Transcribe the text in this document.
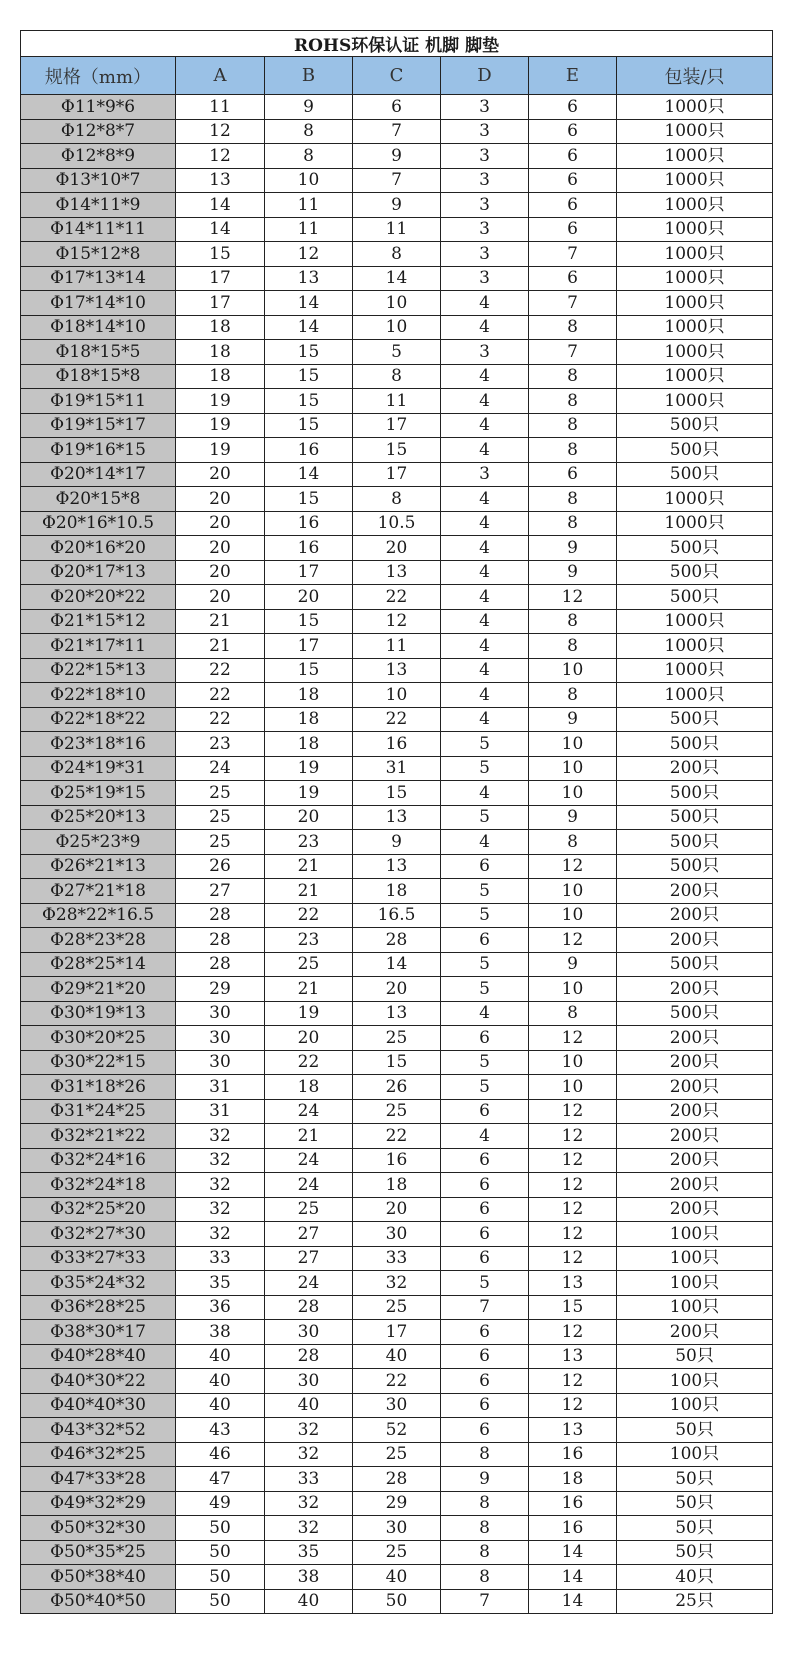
ROHS环保认证 机脚 脚垫						
规格（mm）	A	B	C	D	E	包装/只
Φ11*9*6	11	9	6	3	6	1000只
Φ12*8*7	12	8	7	3	6	1000只
Φ12*8*9	12	8	9	3	6	1000只
Φ13*10*7	13	10	7	3	6	1000只
Φ14*11*9	14	11	9	3	6	1000只
Φ14*11*11	14	11	11	3	6	1000只
Φ15*12*8	15	12	8	3	7	1000只
Φ17*13*14	17	13	14	3	6	1000只
Φ17*14*10	17	14	10	4	7	1000只
Φ18*14*10	18	14	10	4	8	1000只
Φ18*15*5	18	15	5	3	7	1000只
Φ18*15*8	18	15	8	4	8	1000只
Φ19*15*11	19	15	11	4	8	1000只
Φ19*15*17	19	15	17	4	8	500只
Φ19*16*15	19	16	15	4	8	500只
Φ20*14*17	20	14	17	3	6	500只
Φ20*15*8	20	15	8	4	8	1000只
Φ20*16*10.5	20	16	10.5	4	8	1000只
Φ20*16*20	20	16	20	4	9	500只
Φ20*17*13	20	17	13	4	9	500只
Φ20*20*22	20	20	22	4	12	500只
Φ21*15*12	21	15	12	4	8	1000只
Φ21*17*11	21	17	11	4	8	1000只
Φ22*15*13	22	15	13	4	10	1000只
Φ22*18*10	22	18	10	4	8	1000只
Φ22*18*22	22	18	22	4	9	500只
Φ23*18*16	23	18	16	5	10	500只
Φ24*19*31	24	19	31	5	10	200只
Φ25*19*15	25	19	15	4	10	500只
Φ25*20*13	25	20	13	5	9	500只
Φ25*23*9	25	23	9	4	8	500只
Φ26*21*13	26	21	13	6	12	500只
Φ27*21*18	27	21	18	5	10	200只
Φ28*22*16.5	28	22	16.5	5	10	200只
Φ28*23*28	28	23	28	6	12	200只
Φ28*25*14	28	25	14	5	9	500只
Φ29*21*20	29	21	20	5	10	200只
Φ30*19*13	30	19	13	4	8	500只
Φ30*20*25	30	20	25	6	12	200只
Φ30*22*15	30	22	15	5	10	200只
Φ31*18*26	31	18	26	5	10	200只
Φ31*24*25	31	24	25	6	12	200只
Φ32*21*22	32	21	22	4	12	200只
Φ32*24*16	32	24	16	6	12	200只
Φ32*24*18	32	24	18	6	12	200只
Φ32*25*20	32	25	20	6	12	200只
Φ32*27*30	32	27	30	6	12	100只
Φ33*27*33	33	27	33	6	12	100只
Φ35*24*32	35	24	32	5	13	100只
Φ36*28*25	36	28	25	7	15	100只
Φ38*30*17	38	30	17	6	12	200只
Φ40*28*40	40	28	40	6	13	50只
Φ40*30*22	40	30	22	6	12	100只
Φ40*40*30	40	40	30	6	12	100只
Φ43*32*52	43	32	52	6	13	50只
Φ46*32*25	46	32	25	8	16	100只
Φ47*33*28	47	33	28	9	18	50只
Φ49*32*29	49	32	29	8	16	50只
Φ50*32*30	50	32	30	8	16	50只
Φ50*35*25	50	35	25	8	14	50只
Φ50*38*40	50	38	40	8	14	40只
Φ50*40*50	50	40	50	7	14	25只
